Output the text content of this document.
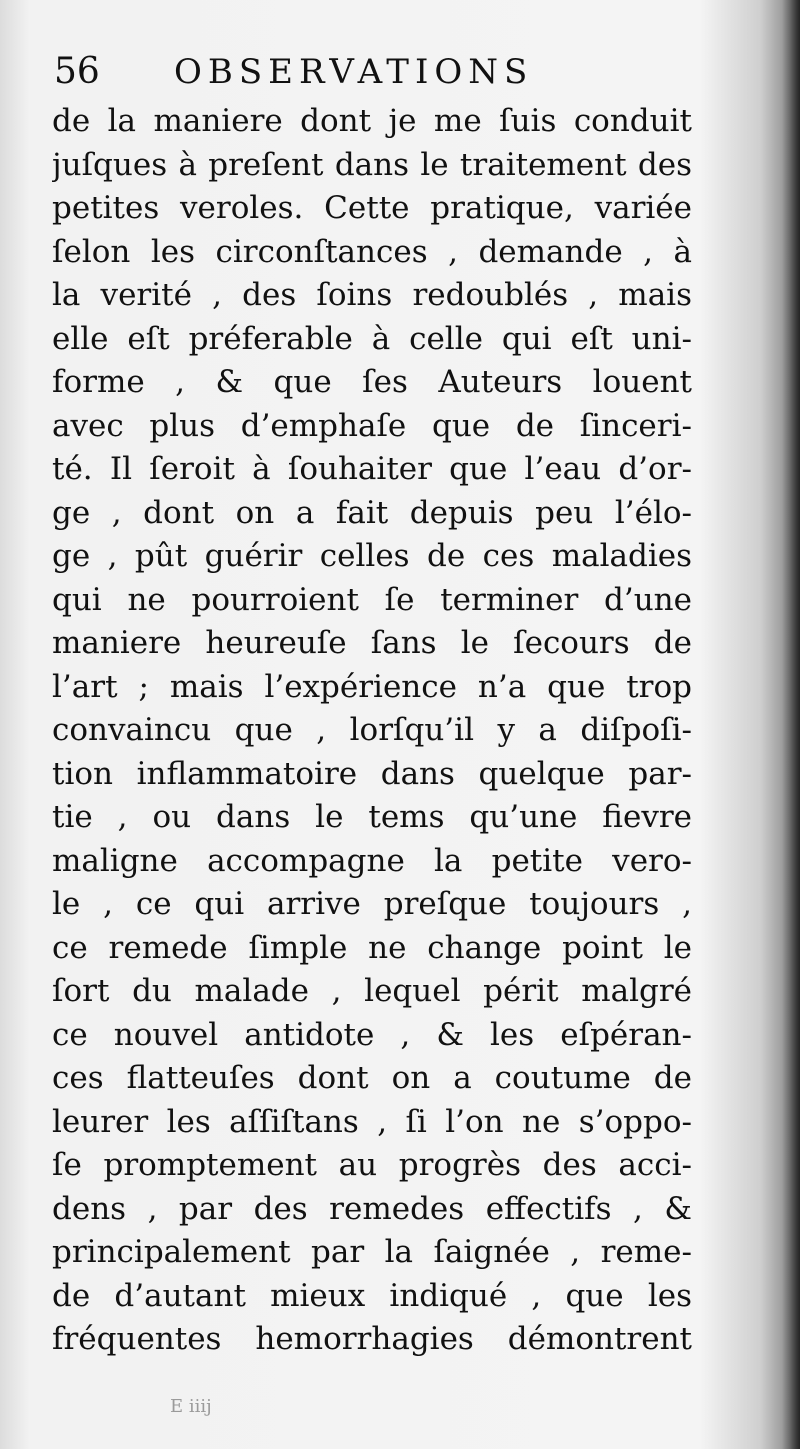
56 OBSERVATIONS
de la maniere dont je me ſuis conduit
juſques à preſent dans le traitement des
petites veroles. Cette pratique, variée
ſelon les circonſtances , demande , à
la verité , des ſoins redoublés , mais
elle eſt préferable à celle qui eſt uni-
forme , & que ſes Auteurs louent
avec plus d’emphaſe que de ſinceri-
té. Il ſeroit à ſouhaiter que l’eau d’or-
ge , dont on a fait depuis peu l’élo-
ge , pût guérir celles de ces maladies
qui ne pourroient ſe terminer d’une
maniere heureuſe ſans le ſecours de
l’art ; mais l’expérience n’a que trop
convaincu que , lorſqu’il y a diſpoſi-
tion inflammatoire dans quelque par-
tie , ou dans le tems qu’une fievre
maligne accompagne la petite vero-
le , ce qui arrive preſque toujours ,
ce remede ſimple ne change point le
ſort du malade , lequel périt malgré
ce nouvel antidote , & les eſpéran-
ces flatteuſes dont on a coutume de
leurer les aſſiſtans , ſi l’on ne s’oppo-
ſe promptement au progrès des acci-
dens , par des remedes effectifs , &
principalement par la ſaignée , reme-
de d’autant mieux indiqué , que les
fréquentes hemorrhagies démontrent
E iiij
